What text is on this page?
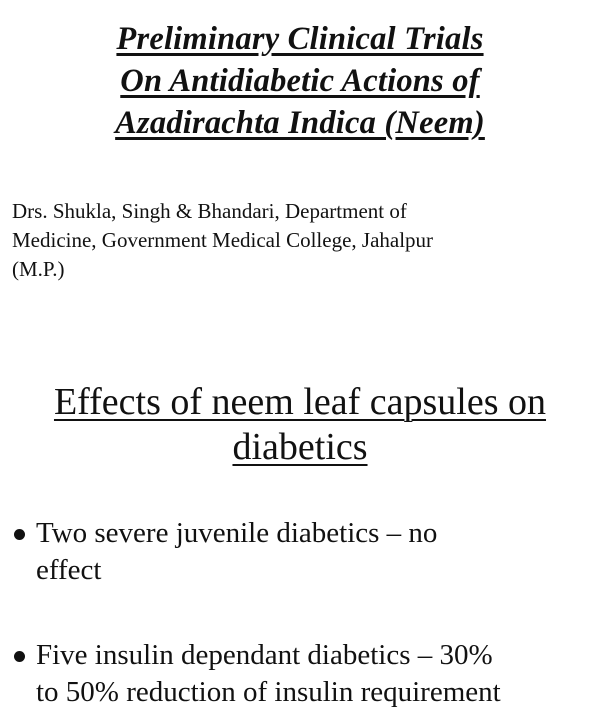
Preliminary Clinical Trials
On Antidiabetic Actions of
Azadirachta Indica (Neem)
Drs. Shukla, Singh & Bhandari, Department of
Medicine, Government Medical College, Jahalpur
(M.P.)
Effects of neem leaf capsules on
diabetics
Two severe juvenile diabetics – no
effect
Five insulin dependant diabetics – 30%
to 50% reduction of insulin requirement
